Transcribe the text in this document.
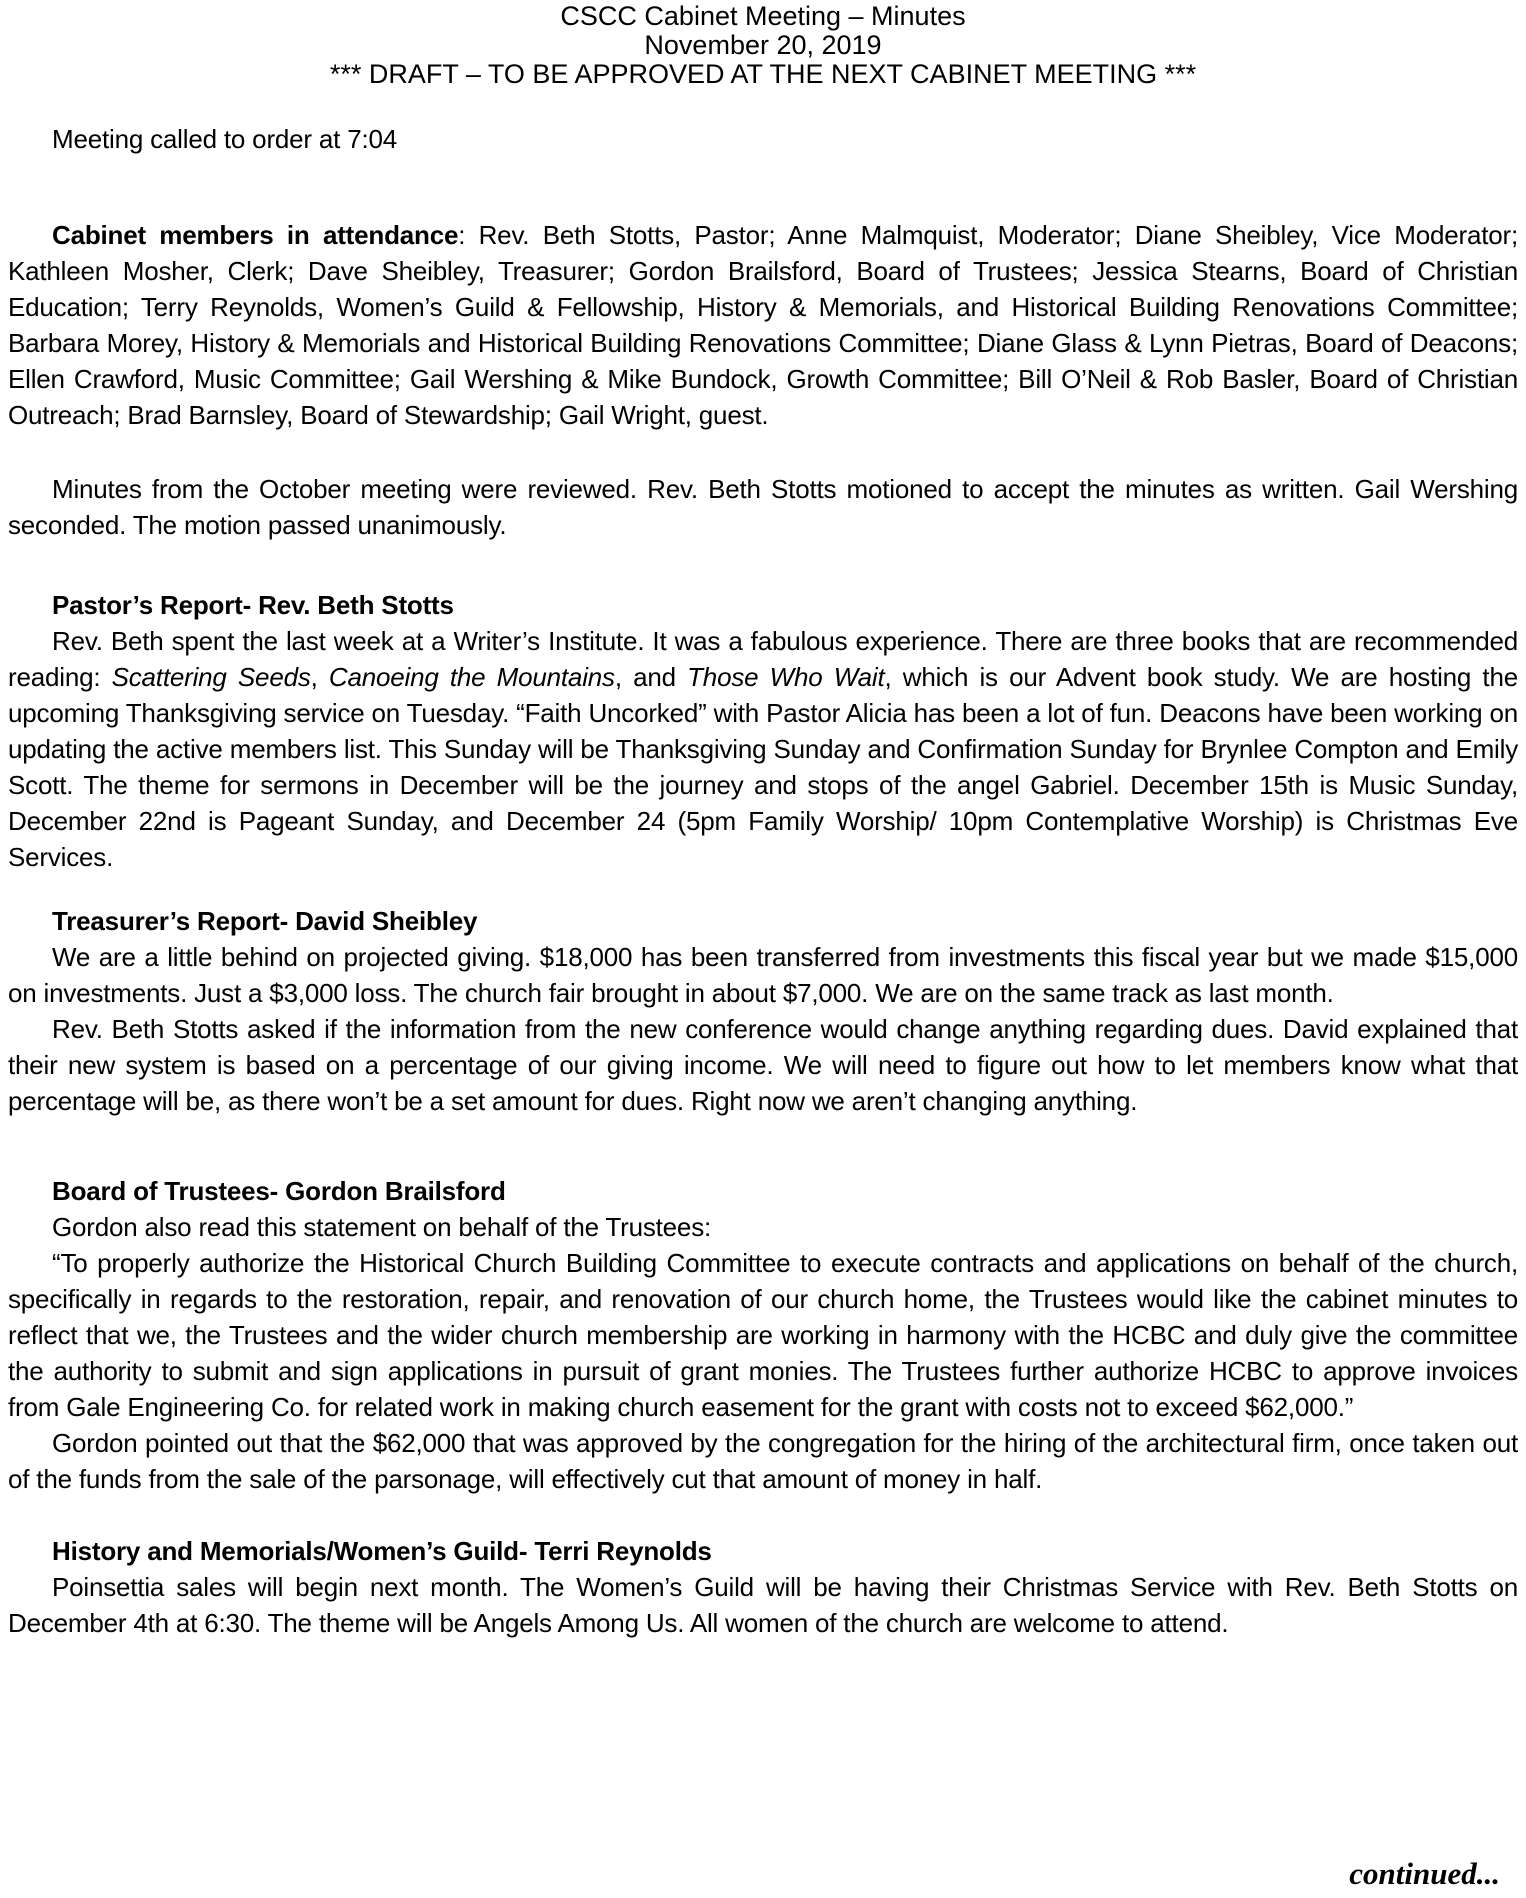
CSCC Cabinet Meeting – Minutes
November 20, 2019
*** DRAFT – TO BE APPROVED AT THE NEXT CABINET MEETING ***

Meeting called to order at 7:04

Cabinet members in attendance: Rev. Beth Stotts, Pastor; Anne Malmquist, Moderator; Diane Sheibley, Vice Moderator; Kathleen Mosher, Clerk; Dave Sheibley, Treasurer; Gordon Brailsford, Board of Trustees; Jessica Stearns, Board of Christian Education; Terry Reynolds, Women’s Guild & Fellowship, History & Memorials, and Historical Building Renovations Committee; Barbara Morey, History & Memorials and Historical Building Renovations Committee; Diane Glass & Lynn Pietras, Board of Deacons; Ellen Crawford, Music Committee; Gail Wershing & Mike Bundock, Growth Committee; Bill O’Neil & Rob Basler, Board of Christian Outreach; Brad Barnsley, Board of Stewardship; Gail Wright, guest.

Minutes from the October meeting were reviewed. Rev. Beth Stotts motioned to accept the minutes as written. Gail Wershing seconded. The motion passed unanimously.

Pastor’s Report- Rev. Beth Stotts

Rev. Beth spent the last week at a Writer’s Institute. It was a fabulous experience. There are three books that are recommended reading: Scattering Seeds, Canoeing the Mountains, and Those Who Wait, which is our Advent book study. We are hosting the upcoming Thanksgiving service on Tuesday. “Faith Uncorked” with Pastor Alicia has been a lot of fun. Deacons have been working on updating the active members list. This Sunday will be Thanksgiving Sunday and Confirmation Sunday for Brynlee Compton and Emily Scott. The theme for sermons in December will be the journey and stops of the angel Gabriel. December 15th is Music Sunday, December 22nd is Pageant Sunday, and December 24 (5pm Family Worship/ 10pm Contemplative Worship) is Christmas Eve Services.

Treasurer’s Report- David Sheibley

We are a little behind on projected giving. $18,000 has been transferred from investments this fiscal year but we made $15,000 on investments. Just a $3,000 loss. The church fair brought in about $7,000. We are on the same track as last month.

Rev. Beth Stotts asked if the information from the new conference would change anything regarding dues. David explained that their new system is based on a percentage of our giving income. We will need to figure out how to let members know what that percentage will be, as there won’t be a set amount for dues. Right now we aren’t changing anything.

Board of Trustees- Gordon Brailsford

Gordon also read this statement on behalf of the Trustees:

“To properly authorize the Historical Church Building Committee to execute contracts and applications on behalf of the church, specifically in regards to the restoration, repair, and renovation of our church home, the Trustees would like the cabinet minutes to reflect that we, the Trustees and the wider church membership are working in harmony with the HCBC and duly give the committee the authority to submit and sign applications in pursuit of grant monies. The Trustees further authorize HCBC to approve invoices from Gale Engineering Co. for related work in making church easement for the grant with costs not to exceed $62,000.”

Gordon pointed out that the $62,000 that was approved by the congregation for the hiring of the architectural firm, once taken out of the funds from the sale of the parsonage, will effectively cut that amount of money in half.

History and Memorials/Women’s Guild- Terri Reynolds

Poinsettia sales will begin next month. The Women’s Guild will be having their Christmas Service with Rev. Beth Stotts on December 4th at 6:30. The theme will be Angels Among Us. All women of the church are welcome to attend.

continued...
